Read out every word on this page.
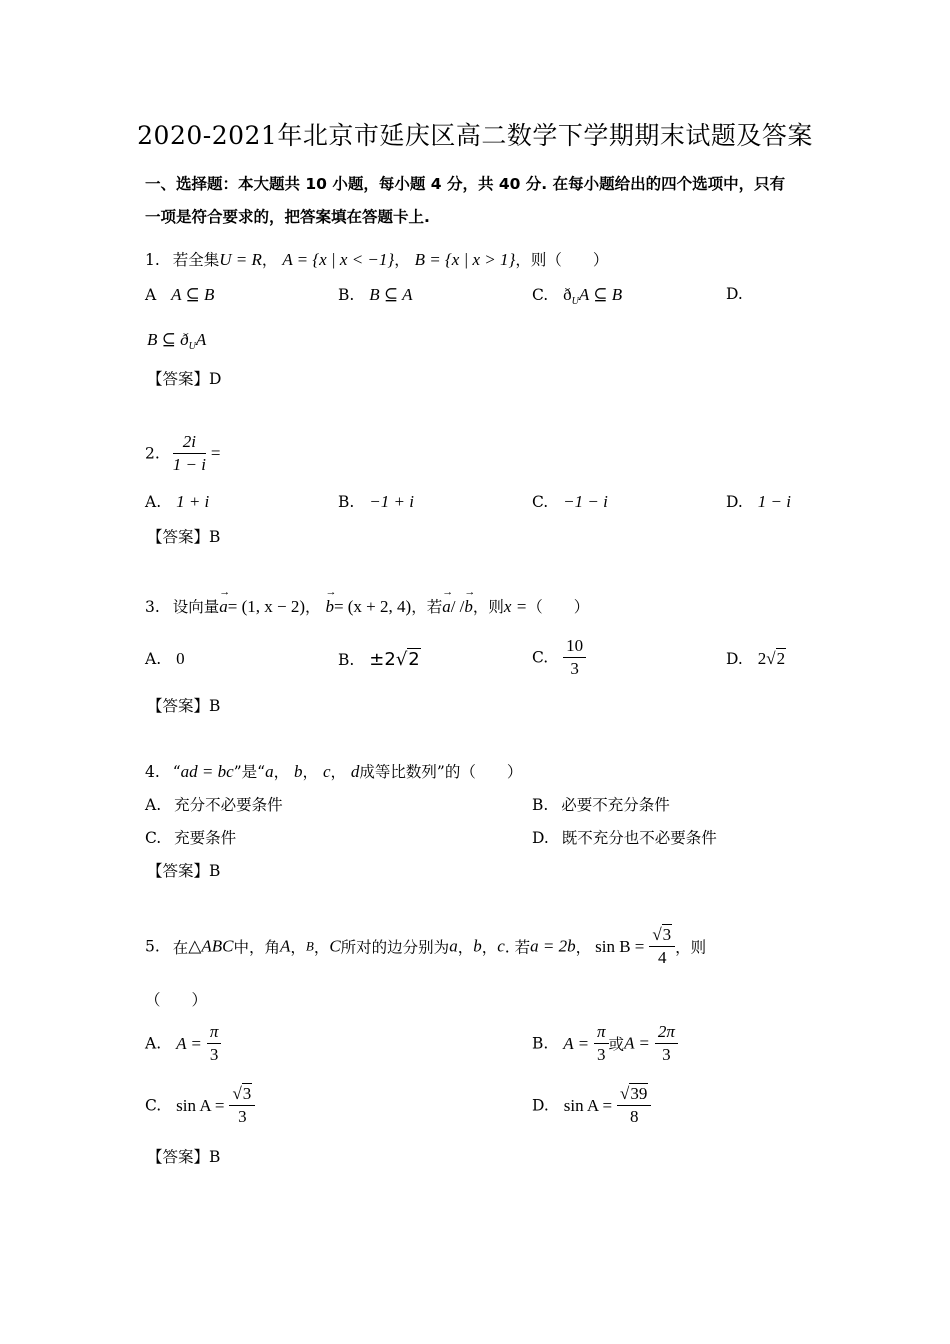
2020-2021年北京市延庆区高二数学下学期期末试题及答案
一、选择题：本大题共 10 小题，每小题 4 分，共 40 分. 在每小题给出的四个选项中，只有
一项是符合要求的，把答案填在答题卡上.
1. 若全集U = R， A = {x | x < −1}， B = {x | x > 1}，则（　　）
A A ⊆ B	B. B ⊆ A	C. $ð_UA$ ⊆ B	D.
B ⊆ $ð_UA$
【答案】D
2. $\frac{2i}{1 - i}$ =
A. 1 + i	B. −1 + i	C. −1 − i	D. 1 − i
【答案】B
3. 设向量→ a= (1, x − 2)， → b= (x + 2, 4)，若→ a/ /→ b，则x =（　　）
A. 0	B. ±2√2	C. $\frac{10}{3}$	D. 2√2
【答案】B
4. “ad = bc”是“a， b， c， d成等比数列”的（　　）
A. 充分不必要条件	B. 必要不充分条件
C. 充要条件	D. 既不充分也不必要条件
【答案】B
5. 在△ABC中，角A，B，C所对的边分别为a，b，c. 若a = 2b， $\sin B = \frac{√3}{4}$ ，则
（　　）
A. $A = \frac{\pi}{3}$	B. $A = \frac{\pi}{3}$ 或$A = \frac{2\pi}{3}$
C. $\sin A = \frac{√3}{3}$	D. $\sin A = \frac{√39}{8}$
【答案】B
